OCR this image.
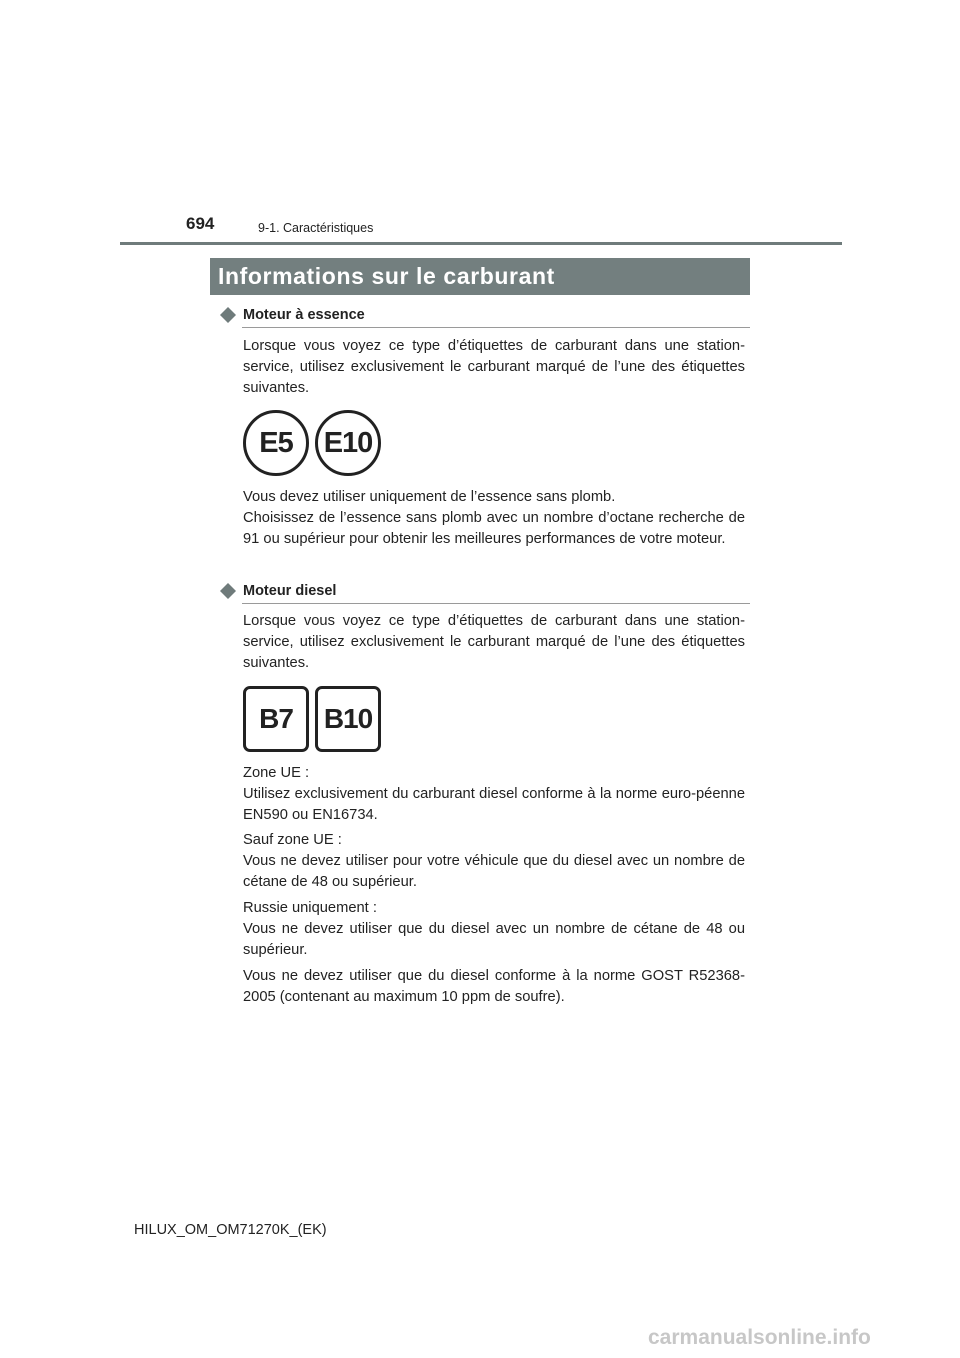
694	9-1. Caractéristiques
Informations sur le carburant
Moteur à essence

Lorsque vous voyez ce type d’étiquettes de carburant dans une station-service, utilisez exclusivement le carburant marqué de l’une des étiquettes suivantes.

E5	E10

Vous devez utiliser uniquement de l’essence sans plomb.

Choisissez de l’essence sans plomb avec un nombre d’octane recherche de 91 ou supérieur pour obtenir les meilleures performances de votre moteur.

Moteur diesel

Lorsque vous voyez ce type d’étiquettes de carburant dans une station-service, utilisez exclusivement le carburant marqué de l’une des étiquettes suivantes.

B7	B10

Zone UE :
Utilisez exclusivement du carburant diesel conforme à la norme euro-péenne EN590 ou EN16734.

Sauf zone UE :
Vous ne devez utiliser pour votre véhicule que du diesel avec un nombre de cétane de 48 ou supérieur.

Russie uniquement :
Vous ne devez utiliser que du diesel avec un nombre de cétane de 48 ou supérieur.

Vous ne devez utiliser que du diesel conforme à la norme GOST R52368-2005 (contenant au maximum 10 ppm de soufre).

HILUX_OM_OM71270K_(EK)
carmanualsonline.info
